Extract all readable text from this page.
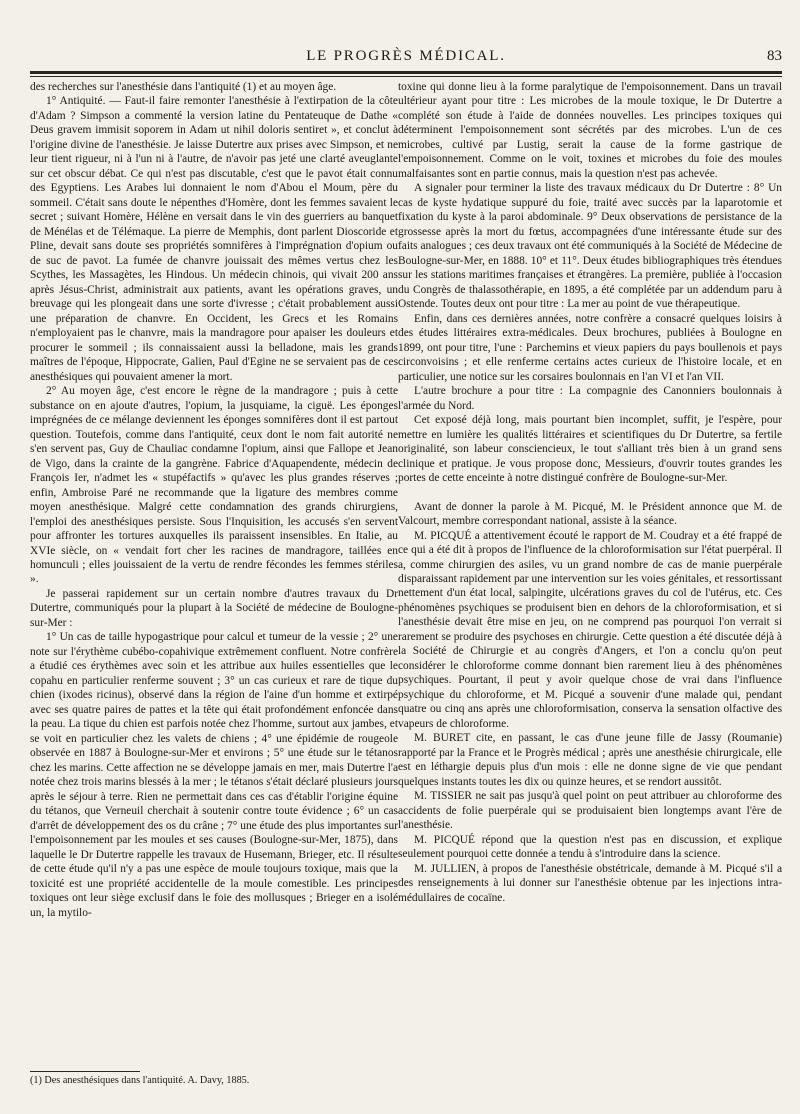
LE PROGRÈS MÉDICAL.	83

des recherches sur l'anesthésie dans l'antiquité (1) et au moyen âge.

1° Antiquité. — Faut-il faire remonter l'anesthésie à l'extirpation de la côte d'Adam ? Simpson a commenté la version latine du Pentateuque de Dathe « Deus gravem immisit soporem in Adam ut nihil doloris sentiret », et conclut à l'origine divine de l'anesthésie. Je laisse Dutertre aux prises avec Simpson, et ne leur tient rigueur, ni à l'un ni à l'autre, de n'avoir pas jeté une clarté aveuglante sur cet obscur débat. Ce qui n'est pas discutable, c'est que le pavot était connu des Egyptiens. Les Arabes lui donnaient le nom d'Abou el Moum, père du sommeil. C'était sans doute le népenthes d'Homère, dont les femmes savaient le secret ; suivant Homère, Hélène en versait dans le vin des guerriers au banquet de Ménélas et de Télémaque. La pierre de Memphis, dont parlent Dioscoride et Pline, devait sans doute ses propriétés somnifères à l'imprégnation d'opium ou de suc de pavot. La fumée de chanvre jouissait des mêmes vertus chez les Scythes, les Massagètes, les Hindous. Un médecin chinois, qui vivait 200 ans après Jésus-Christ, administrait aux patients, avant les opérations graves, un breuvage qui les plongeait dans une sorte d'ivresse ; c'était probablement aussi une préparation de chanvre. En Occident, les Grecs et les Romains n'employaient pas le chanvre, mais la mandragore pour apaiser les douleurs et procurer le sommeil ; ils connaissaient aussi la belladone, mais les grands maîtres de l'époque, Hippocrate, Galien, Paul d'Egine ne se servaient pas de ces anesthésiques qui pouvaient amener la mort.

2° Au moyen âge, c'est encore le règne de la mandragore ; puis à cette substance on en ajoute d'autres, l'opium, la jusquiame, la ciguë. Les éponges imprégnées de ce mélange deviennent les éponges somnifères dont il est partout question. Toutefois, comme dans l'antiquité, ceux dont le nom fait autorité ne s'en servent pas, Guy de Chauliac condamne l'opium, ainsi que Fallope et Jean de Vigo, dans la crainte de la gangrène. Fabrice d'Aquapendente, médecin de François Ier, n'admet les « stupéfactifs » qu'avec les plus grandes réserves ; enfin, Ambroise Paré ne recommande que la ligature des membres comme moyen anesthésique. Malgré cette condamnation des grands chirurgiens, l'emploi des anesthésiques persiste. Sous l'Inquisition, les accusés s'en servent pour affronter les tortures auxquelles ils paraissent insensibles. En Italie, au XVIe siècle, on « vendait fort cher les racines de mandragore, taillées en homunculi ; elles jouissaient de la vertu de rendre fécondes les femmes stériles ».

Je passerai rapidement sur un certain nombre d'autres travaux du Dr Dutertre, communiqués pour la plupart à la Société de médecine de Boulogne-sur-Mer :

1° Un cas de taille hypogastrique pour calcul et tumeur de la vessie ; 2° une note sur l'érythème cubébo-copahivique extrêmement confluent. Notre confrère a étudié ces érythèmes avec soin et les attribue aux huiles essentielles que le copahu en particulier renferme souvent ; 3° un cas curieux et rare de tique du chien (ixodes ricinus), observé dans la région de l'aine d'un homme et extirpé avec ses quatre paires de pattes et la tête qui était profondément enfoncée dans la peau. La tique du chien est parfois notée chez l'homme, surtout aux jambes, et se voit en particulier chez les valets de chiens ; 4° une épidémie de rougeole observée en 1887 à Boulogne-sur-Mer et environs ; 5° une étude sur le tétanos chez les marins. Cette affection ne se développe jamais en mer, mais Dutertre l'a notée chez trois marins blessés à la mer ; le tétanos s'était déclaré plusieurs jours après le séjour à terre. Rien ne permettait dans ces cas d'établir l'origine équine du tétanos, que Verneuil cherchait à soutenir contre toute évidence ; 6° un cas d'arrêt de développement des os du crâne ; 7° une étude des plus importantes sur l'empoisonnement par les moules et ses causes (Boulogne-sur-Mer, 1875), dans laquelle le Dr Dutertre rappelle les travaux de Husemann, Brieger, etc. Il résulte de cette étude qu'il n'y a pas une espèce de moule toujours toxique, mais que la toxicité est une propriété accidentelle de la moule comestible. Les principes toxiques ont leur siège exclusif dans le foie des mollusques ; Brieger en a isolé un, la mytilo-

toxine qui donne lieu à la forme paralytique de l'empoisonnement. Dans un travail ultérieur ayant pour titre : Les microbes de la moule toxique, le Dr Dutertre a complété son étude à l'aide de données nouvelles. Les principes toxiques qui déterminent l'empoisonnement sont sécrétés par des microbes. L'un de ces microbes, cultivé par Lustig, serait la cause de la forme gastrique de l'empoisonnement. Comme on le voit, toxines et microbes du foie des moules malfaisantes sont en partie connus, mais la question n'est pas achevée.

A signaler pour terminer la liste des travaux médicaux du Dr Dutertre : 8° Un cas de kyste hydatique suppuré du foie, traité avec succès par la laparotomie et fixation du kyste à la paroi abdominale. 9° Deux observations de persistance de la grossesse après la mort du fœtus, accompagnées d'une intéressante étude sur des faits analogues ; ces deux travaux ont été communiqués à la Société de Médecine de Boulogne-sur-Mer, en 1888. 10° et 11°. Deux études bibliographiques très étendues sur les stations maritimes françaises et étrangères. La première, publiée à l'occasion du Congrès de thalassothérapie, en 1895, a été complétée par un addendum paru à Ostende. Toutes deux ont pour titre : La mer au point de vue thérapeutique.

Enfin, dans ces dernières années, notre confrère a consacré quelques loisirs à des études littéraires extra-médicales. Deux brochures, publiées à Boulogne en 1899, ont pour titre, l'une : Parchemins et vieux papiers du pays boullenois et pays circonvoisins ; et elle renferme certains actes curieux de l'histoire locale, et en particulier, une notice sur les corsaires boulonnais en l'an VI et l'an VII.

L'autre brochure a pour titre : La compagnie des Canonniers boulonnais à l'armée du Nord.

Cet exposé déjà long, mais pourtant bien incomplet, suffit, je l'espère, pour mettre en lumière les qualités littéraires et scientifiques du Dr Dutertre, sa fertile originalité, son labeur consciencieux, le tout s'alliant très bien à un grand sens clinique et pratique. Je vous propose donc, Messieurs, d'ouvrir toutes grandes les portes de cette enceinte à notre distingué confrère de Boulogne-sur-Mer.

Avant de donner la parole à M. Picqué, M. le Président annonce que M. de Valcourt, membre correspondant national, assiste à la séance.

M. PICQUÉ a attentivement écouté le rapport de M. Coudray et a été frappé de ce qui a été dit à propos de l'influence de la chloroformisation sur l'état puerpéral. Il a, comme chirurgien des asiles, vu un grand nombre de cas de manie puerpérale disparaissant rapidement par une intervention sur les voies génitales, et ressortissant nettement d'un état local, salpingite, ulcérations graves du col de l'utérus, etc. Ces phénomènes psychiques se produisent bien en dehors de la chloroformisation, et si l'anesthésie devait être mise en jeu, on ne comprend pas pourquoi l'on verrait si rarement se produire des psychoses en chirurgie. Cette question a été discutée déjà à la Société de Chirurgie et au congrès d'Angers, et l'on a conclu qu'on peut considérer le chloroforme comme donnant bien rarement lieu à des phénomènes psychiques. Pourtant, il peut y avoir quelque chose de vrai dans l'influence psychique du chloroforme, et M. Picqué a souvenir d'une malade qui, pendant quatre ou cinq ans après une chloroformisation, conserva la sensation olfactive des vapeurs de chloroforme.

M. BURET cite, en passant, le cas d'une jeune fille de Jassy (Roumanie) rapporté par la France et le Progrès médical ; après une anesthésie chirurgicale, elle est en léthargie depuis plus d'un mois : elle ne donne signe de vie que pendant quelques instants toutes les dix ou quinze heures, et se rendort aussitôt.

M. TISSIER ne sait pas jusqu'à quel point on peut attribuer au chloroforme des accidents de folie puerpérale qui se produisaient bien longtemps avant l'ère de l'anesthésie.

M. PICQUÉ répond que la question n'est pas en discussion, et explique seulement pourquoi cette donnée a tendu à s'introduire dans la science.

M. JULLIEN, à propos de l'anesthésie obstétricale, demande à M. Picqué s'il a des renseignements à lui donner sur l'anesthésie obtenue par les injections intra-médullaires de cocaïne.

(1) Des anesthésiques dans l'antiquité. A. Davy, 1885.
